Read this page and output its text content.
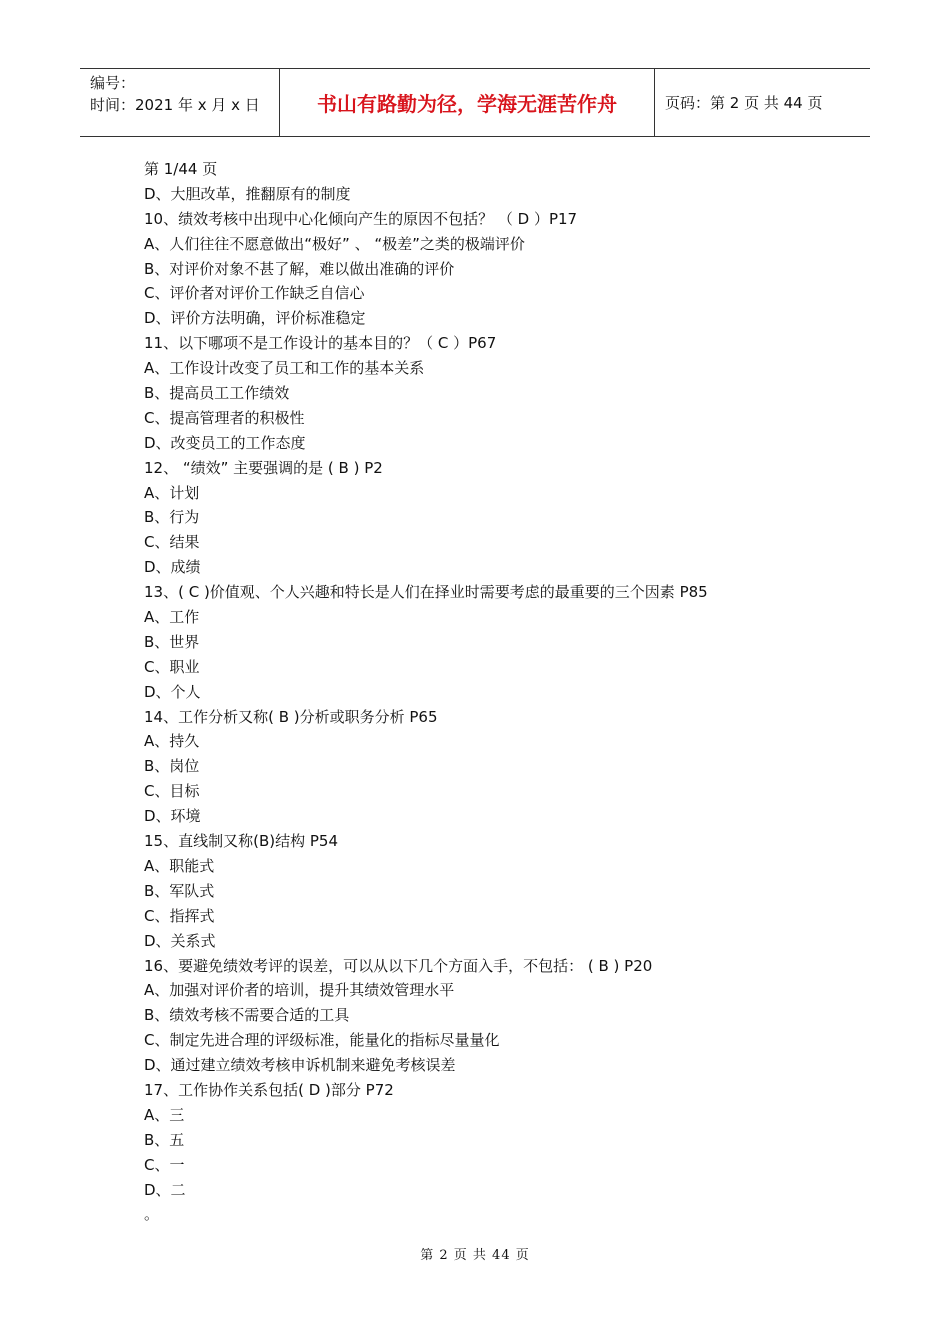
编号：
时间：2021 年 x 月 x 日	书山有路勤为径，学海无涯苦作舟	页码：第 2 页 共 44 页
第 1/44 页
D、大胆改革，推翻原有的制度
10、绩效考核中出现中心化倾向产生的原因不包括？ （ D ）P17
A、人们往往不愿意做出“极好” 、 “极差”之类的极端评价
B、对评价对象不甚了解，难以做出准确的评价
C、评价者对评价工作缺乏自信心
D、评价方法明确，评价标准稳定
11、以下哪项不是工作设计的基本目的？（ C ）P67
A、工作设计改变了员工和工作的基本关系
B、提高员工工作绩效
C、提高管理者的积极性
D、改变员工的工作态度
12、 “绩效” 主要强调的是 ( B ) P2
A、计划
B、行为
C、结果
D、成绩
13、( C )价值观、个人兴趣和特长是人们在择业时需要考虑的最重要的三个因素 P85
A、工作
B、世界
C、职业
D、个人
14、工作分析又称( B )分析或职务分析 P65
A、持久
B、岗位
C、目标
D、环境
15、直线制又称(B)结构 P54
A、职能式
B、军队式
C、指挥式
D、关系式
16、要避免绩效考评的误差，可以从以下几个方面入手，不包括： ( B ) P20
A、加强对评价者的培训，提升其绩效管理水平
B、绩效考核不需要合适的工具
C、制定先进合理的评级标准，能量化的指标尽量量化
D、通过建立绩效考核申诉机制来避免考核误差
17、工作协作关系包括( D )部分 P72
A、三
B、五
C、一
D、二
。
第 2 页 共 44 页
